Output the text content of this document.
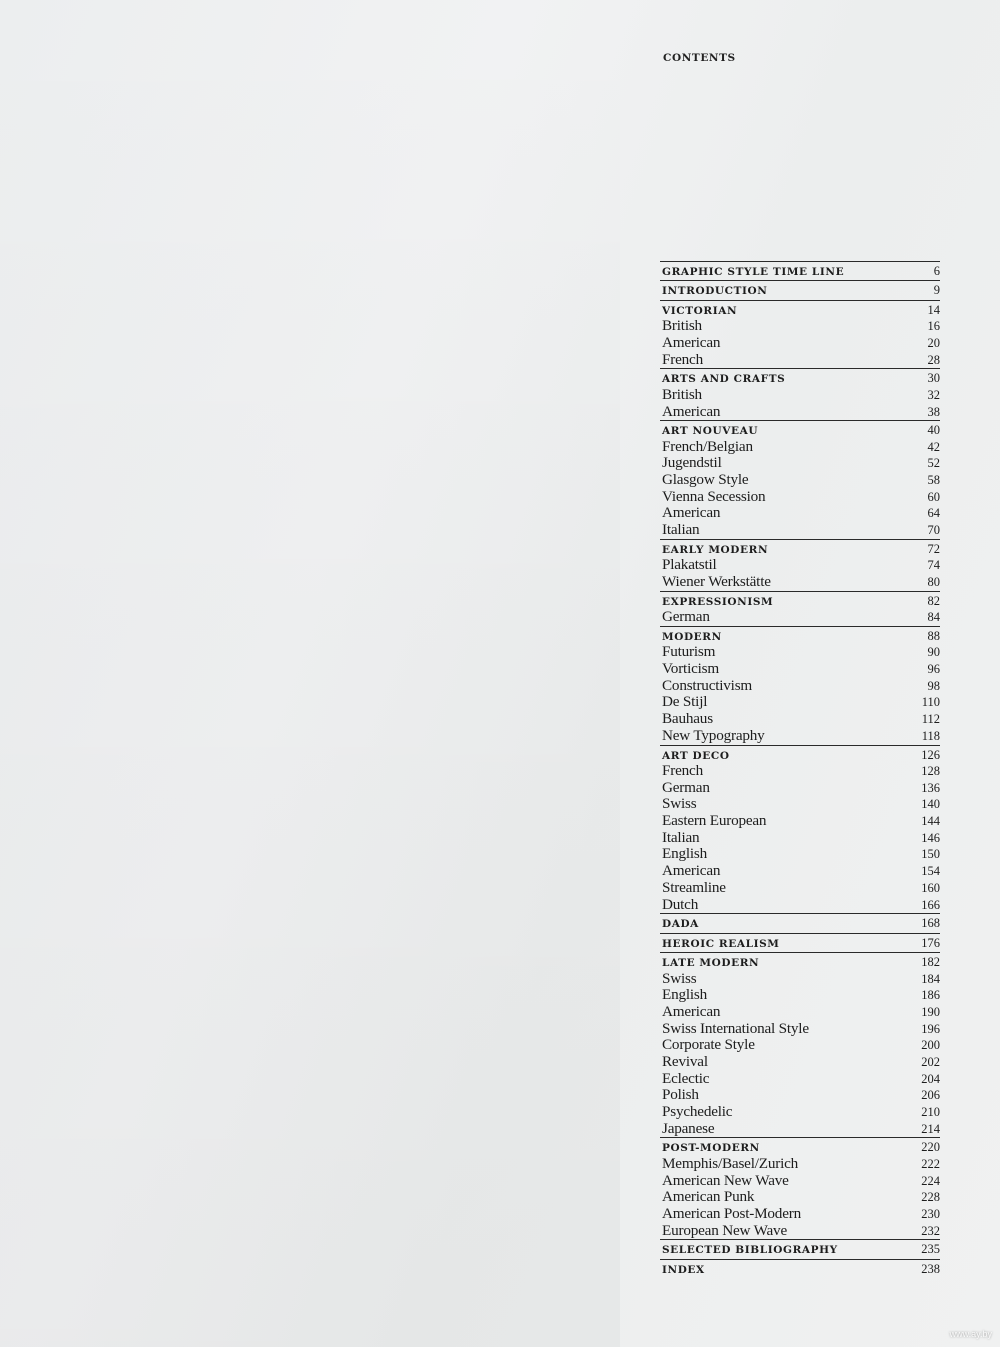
CONTENTS
GRAPHIC STYLE TIME LINE	6
INTRODUCTION	9
VICTORIAN	14
British	16
American	20
French	28
ARTS AND CRAFTS	30
British	32
American	38
ART NOUVEAU	40
French/Belgian	42
Jugendstil	52
Glasgow Style	58
Vienna Secession	60
American	64
Italian	70
EARLY MODERN	72
Plakatstil	74
Wiener Werkstätte	80
EXPRESSIONISM	82
German	84
MODERN	88
Futurism	90
Vorticism	96
Constructivism	98
De Stijl	110
Bauhaus	112
New Typography	118
ART DECO	126
French	128
German	136
Swiss	140
Eastern European	144
Italian	146
English	150
American	154
Streamline	160
Dutch	166
DADA	168
HEROIC REALISM	176
LATE MODERN	182
Swiss	184
English	186
American	190
Swiss International Style	196
Corporate Style	200
Revival	202
Eclectic	204
Polish	206
Psychedelic	210
Japanese	214
POST-MODERN	220
Memphis/Basel/Zurich	222
American New Wave	224
American Punk	228
American Post-Modern	230
European New Wave	232
SELECTED BIBLIOGRAPHY	235
INDEX	238
www.ay.by
